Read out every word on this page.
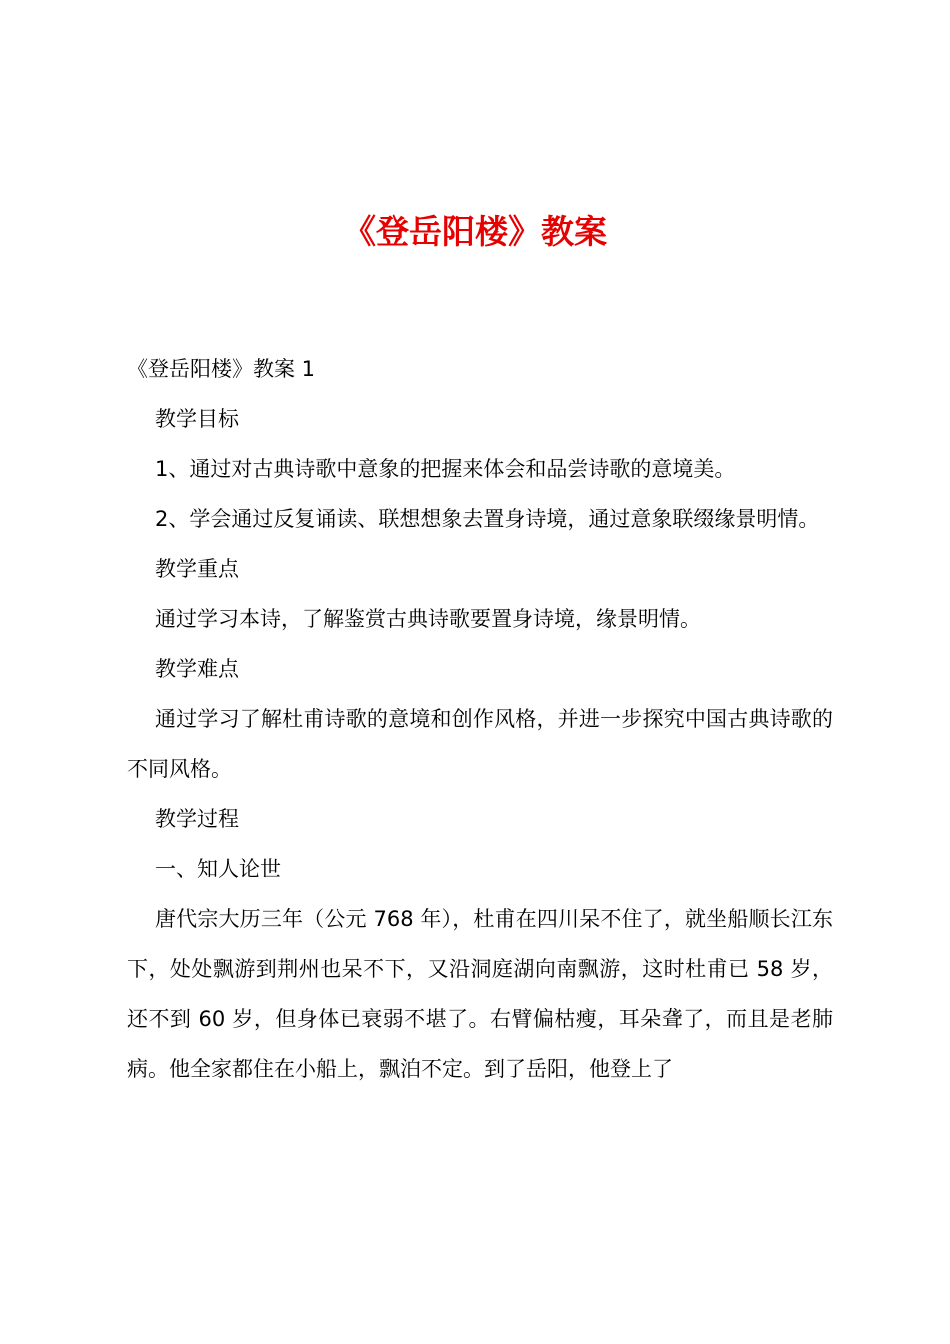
《登岳阳楼》教案

《登岳阳楼》教案 1

教学目标

1、通过对古典诗歌中意象的把握来体会和品尝诗歌的意境美。

2、学会通过反复诵读、联想想象去置身诗境，通过意象联缀缘景明情。

教学重点

通过学习本诗，了解鉴赏古典诗歌要置身诗境，缘景明情。

教学难点

通过学习了解杜甫诗歌的意境和创作风格，并进一步探究中国古典诗歌的不同风格。

教学过程

一、知人论世

唐代宗大历三年（公元 768 年），杜甫在四川呆不住了，就坐船顺长江东下，处处飘游到荆州也呆不下，又沿洞庭湖向南飘游，这时杜甫已 58 岁，还不到 60 岁，但身体已衰弱不堪了。右臂偏枯瘦，耳朵聋了，而且是老肺病。他全家都住在小船上，飘泊不定。到了岳阳，他登上了
